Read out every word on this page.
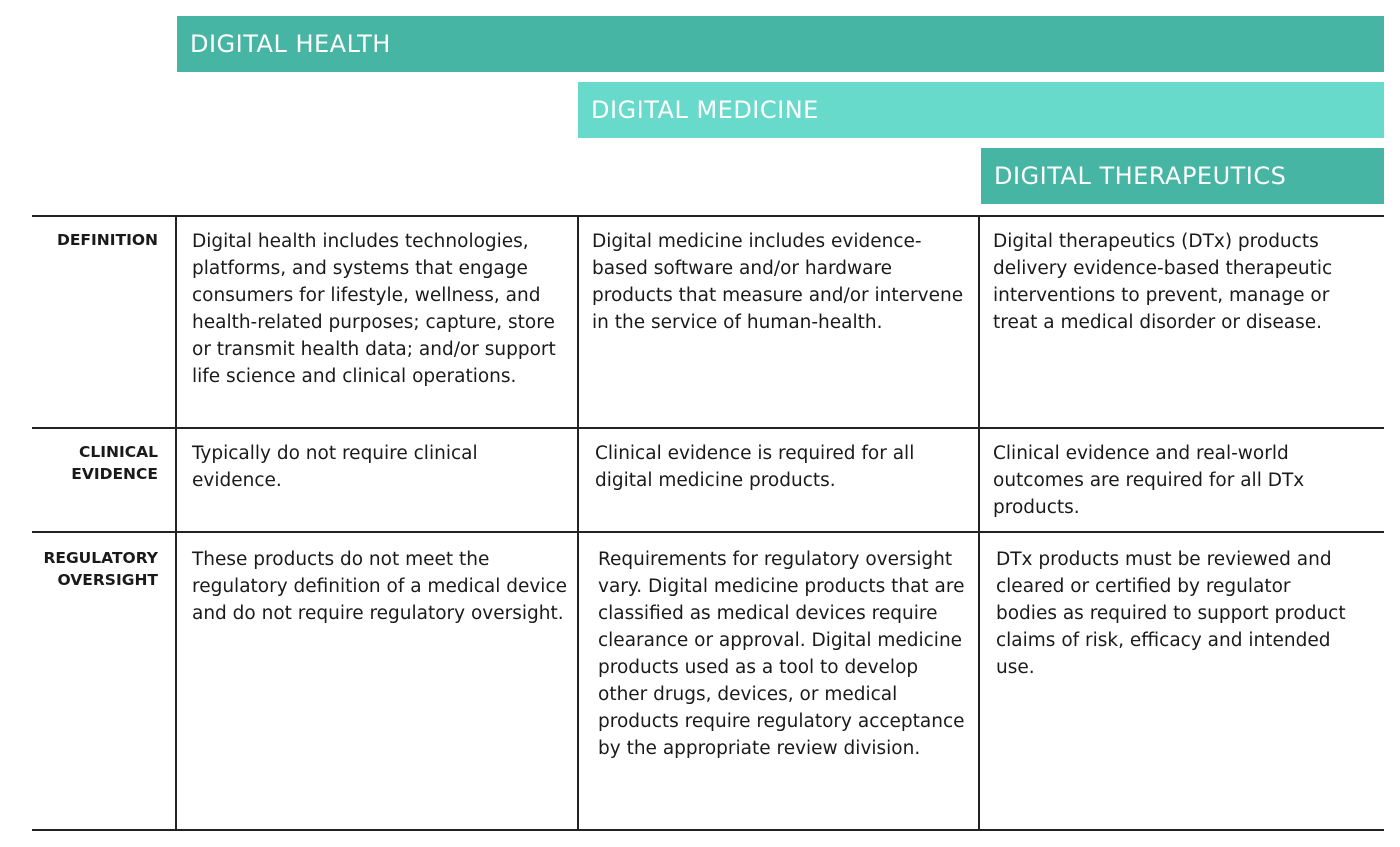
DIGITAL HEALTH
DIGITAL MEDICINE
DIGITAL THERAPEUTICS
DEFINITION Digital health includes technologies, platforms, and systems that engage consumers for lifestyle, wellness, and health-related purposes; capture, store or transmit health data; and/or support life science and clinical operations.
Digital medicine includes evidence-based software and/or hardware products that measure and/or intervene in the service of human-health.
Digital therapeutics (DTx) products delivery evidence-based therapeutic interventions to prevent, manage or treat a medical disorder or disease.
CLINICAL
EVIDENCE
Typically do not require clinical evidence.
Clinical evidence is required for all digital medicine products.
Clinical evidence and real-world outcomes are required for all DTx products.
REGULATORY
OVERSIGHT
These products do not meet the regulatory definition of a medical device and do not require regulatory oversight.
Requirements for regulatory oversight vary. Digital medicine products that are classified as medical devices require clearance or approval. Digital medicine products used as a tool to develop other drugs, devices, or medical products require regulatory acceptance by the appropriate review division.
DTx products must be reviewed and cleared or certified by regulator bodies as required to support product claims of risk, efficacy and intended use.
